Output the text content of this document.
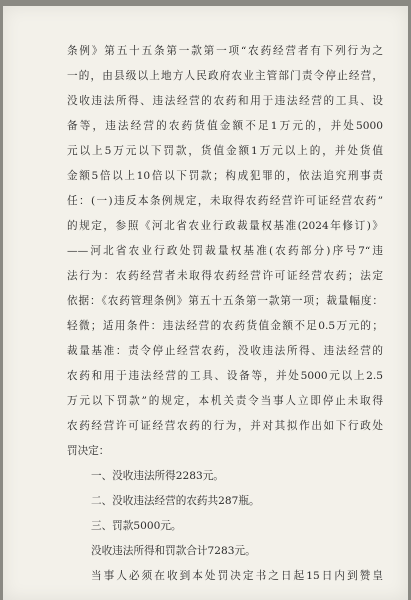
条例》第五十五条第一款第一项“农药经营者有下列行为之
一的，由县级以上地方人民政府农业主管部门责令停止经营，
没收违法所得、违法经营的农药和用于违法经营的工具、设
备等，违法经营的农药货值金额不足1万元的，并处5000
元以上5万元以下罚款，货值金额1万元以上的，并处货值
金额5倍以上10倍以下罚款；构成犯罪的，依法追究刑事责
任：(一)违反本条例规定，未取得农药经营许可证经营农药”
的规定，参照《河北省农业行政裁量权基准(2024年修订)》
——河北省农业行政处罚裁量权基准(农药部分)序号7“违
法行为：农药经营者未取得农药经营许可证经营农药；法定
依据：《农药管理条例》第五十五条第一款第一项；裁量幅度：
轻微；适用条件：违法经营的农药货值金额不足0.5万元的；
裁量基准：责令停止经营农药，没收违法所得、违法经营的
农药和用于违法经营的工具、设备等，并处5000元以上2.5
万元以下罚款”的规定，本机关责令当事人立即停止未取得
农药经营许可证经营农药的行为，并对其拟作出如下行政处
罚决定：
一、没收违法所得2283元。
二、没收违法经营的农药共287瓶。
三、罚款5000元。
没收违法所得和罚款合计7283元。
当事人必须在收到本处罚决定书之日起15日内到赞皇
